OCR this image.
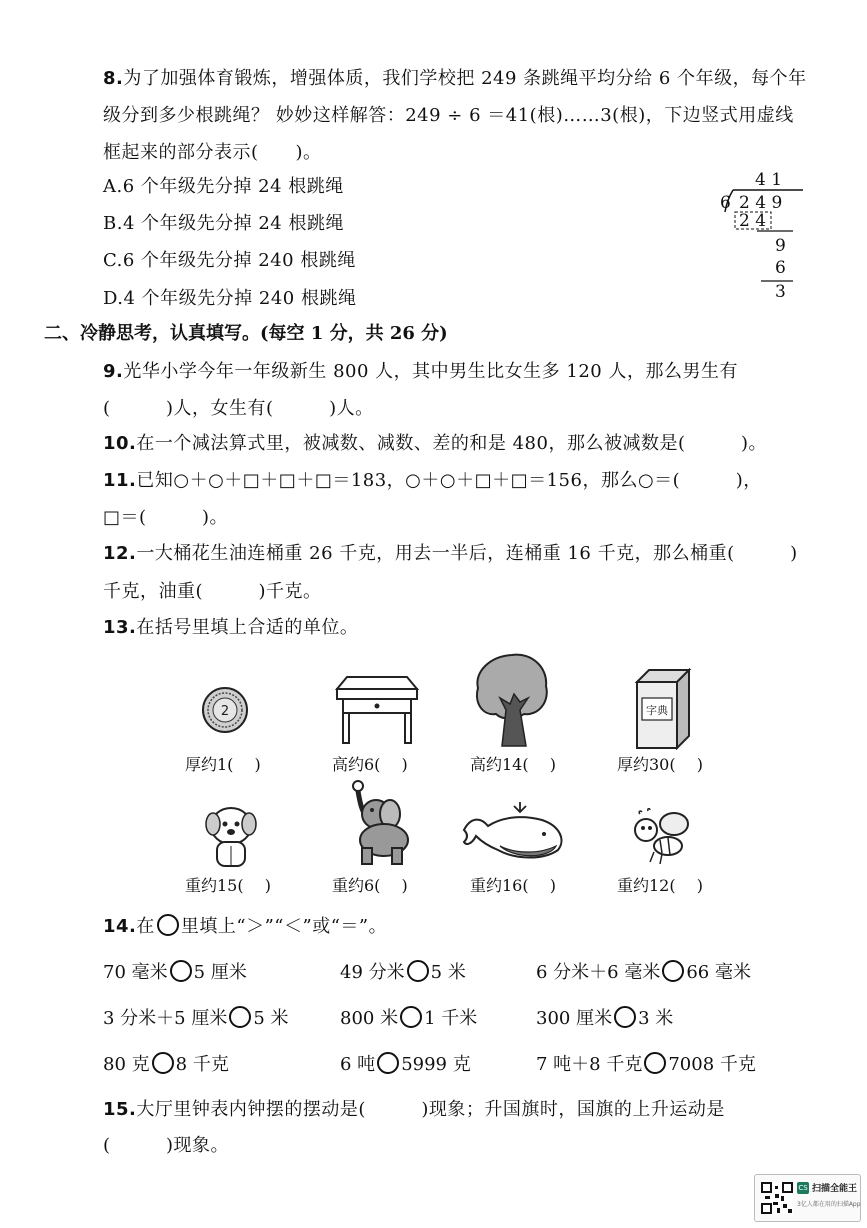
8.为了加强体育锻炼，增强体质，我们学校把 249 条跳绳平均分给 6 个年级，每个年
级分到多少根跳绳？ 妙妙这样解答：249 ÷ 6 ＝41(根)……3(根)，下边竖式用虚线
框起来的部分表示(　　)。
A.6 个年级先分掉 24 根跳绳
B.4 个年级先分掉 24 根跳绳
C.6 个年级先分掉 240 根跳绳
D.4 个年级先分掉 240 根跳绳
4 1
6 2 4 9
2 4
9
6
3
二、冷静思考，认真填写。(每空 1 分，共 26 分)
9.光华小学今年一年级新生 800 人，其中男生比女生多 120 人，那么男生有
(　　　)人，女生有(　　　)人。
10.在一个减法算式里，被减数、减数、差的和是 480，那么被减数是(　　　)。
11.已知○＋○＋□＋□＋□＝183，○＋○＋□＋□＝156，那么○＝(　　　)，
□＝(　　　)。
12.一大桶花生油连桶重 26 千克，用去一半后，连桶重 16 千克，那么桶重(　　　)
千克，油重(　　　)千克。
13.在括号里填上合适的单位。
2	字典
厚约1(　 )	高约6(　 )	高约14(　 )	厚约30(　 )
重约15(　 )	重约6(　 )	重约16(　 )	重约12(　 )
14.在 里填上“＞”“＜”或“＝”。
70 毫米 5 厘米	49 分米 5 米	6 分米＋6 毫米 66 毫米
3 分米＋5 厘米 5 米	800 米 1 千米	300 厘米 3 米
80 克 8 千克	6 吨 5999 克	7 吨＋8 千克 7008 千克
15.大厅里钟表内钟摆的摆动是(　　　)现象；升国旗时，国旗的上升运动是
(　　　)现象。
CS 扫描全能王
3亿人都在用的扫描App
